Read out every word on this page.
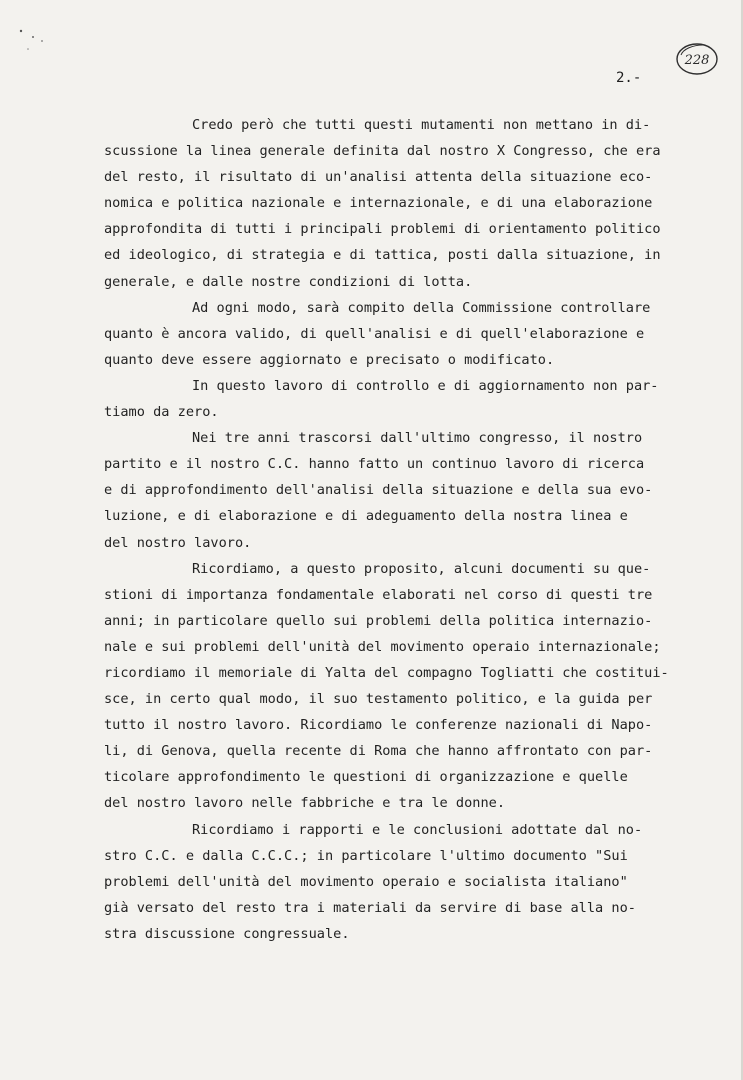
228
2.-
Credo però che tutti questi mutamenti non mettano in di-
scussione la linea generale definita dal nostro X Congresso, che era
del resto, il risultato di un'analisi attenta della situazione eco-
nomica e politica nazionale e internazionale, e di una elaborazione
approfondita di tutti i principali problemi di orientamento politico
ed ideologico, di strategia e di tattica, posti dalla situazione, in
generale, e dalle nostre condizioni di lotta.
Ad ogni modo, sarà compito della Commissione controllare
quanto è ancora valido, di quell'analisi e di quell'elaborazione e
quanto deve essere aggiornato e precisato o modificato.
In questo lavoro di controllo e di aggiornamento non par-
tiamo da zero.
Nei tre anni trascorsi dall'ultimo congresso, il nostro
partito e il nostro C.C. hanno fatto un continuo lavoro di ricerca
e di approfondimento dell'analisi della situazione e della sua evo-
luzione, e di elaborazione e di adeguamento della nostra linea e
del nostro lavoro.
Ricordiamo, a questo proposito, alcuni documenti su que-
stioni di importanza fondamentale elaborati nel corso di questi tre
anni; in particolare quello sui problemi della politica internazio-
nale e sui problemi dell'unità del movimento operaio internazionale;
ricordiamo il memoriale di Yalta del compagno Togliatti che costitui-
sce, in certo qual modo, il suo testamento politico, e la guida per
tutto il nostro lavoro. Ricordiamo le conferenze nazionali di Napo-
li, di Genova, quella recente di Roma che hanno affrontato con par-
ticolare approfondimento le questioni di organizzazione e quelle
del nostro lavoro nelle fabbriche e tra le donne.
Ricordiamo i rapporti e le conclusioni adottate dal no-
stro C.C. e dalla C.C.C.; in particolare l'ultimo documento "Sui
problemi dell'unità del movimento operaio e socialista italiano"
già versato del resto tra i materiali da servire di base alla no-
stra discussione congressuale.
